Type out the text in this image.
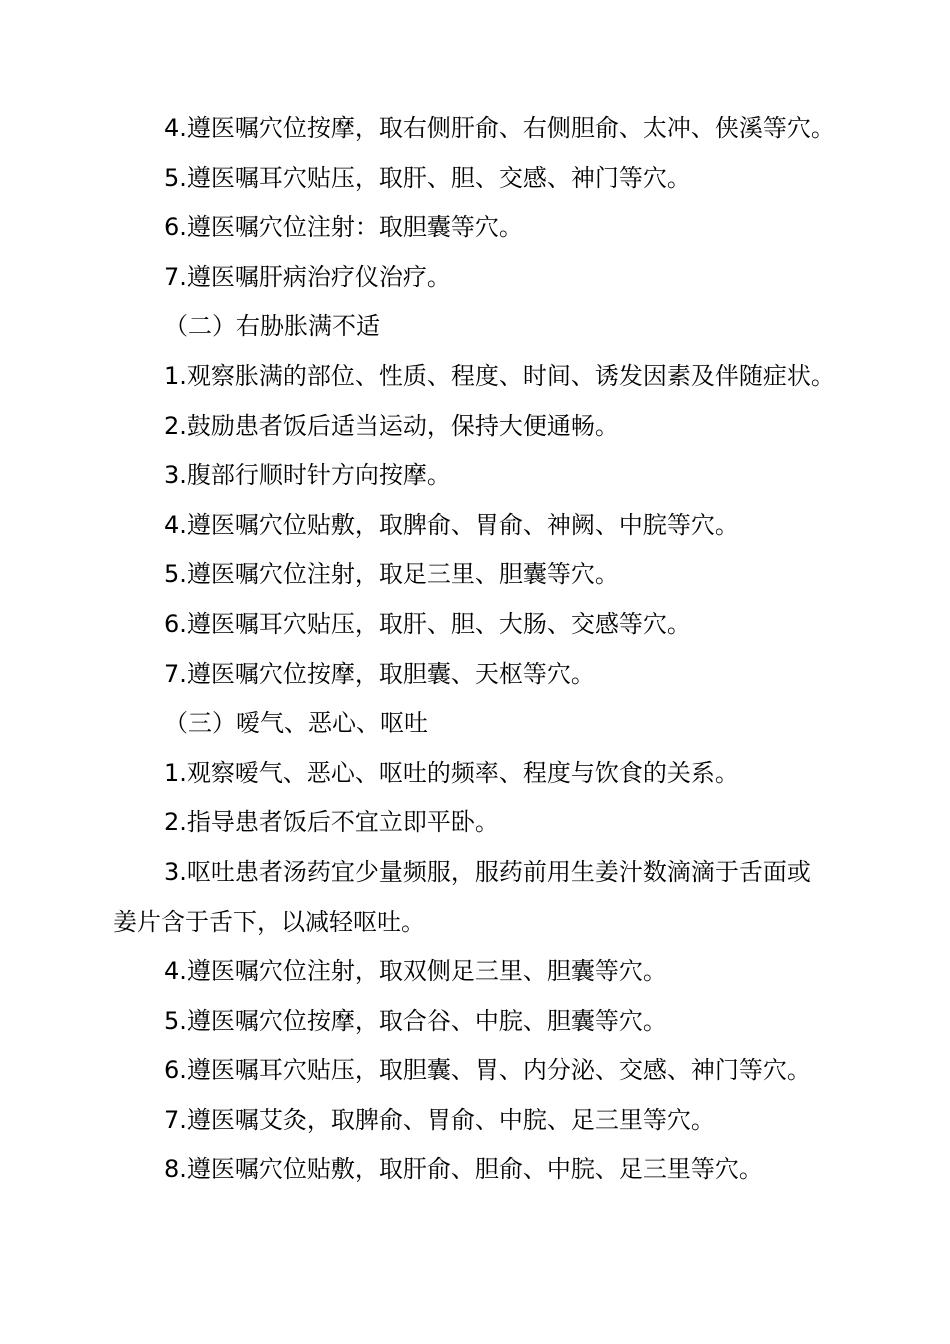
4.遵医嘱穴位按摩，取右侧肝俞、右侧胆俞、太冲、侠溪等穴。
5.遵医嘱耳穴贴压，取肝、胆、交感、神门等穴。
6.遵医嘱穴位注射：取胆囊等穴。
7.遵医嘱肝病治疗仪治疗。
（二）右胁胀满不适
1.观察胀满的部位、性质、程度、时间、诱发因素及伴随症状。
2.鼓励患者饭后适当运动，保持大便通畅。
3.腹部行顺时针方向按摩。
4.遵医嘱穴位贴敷，取脾俞、胃俞、神阙、中脘等穴。
5.遵医嘱穴位注射，取足三里、胆囊等穴。
6.遵医嘱耳穴贴压，取肝、胆、大肠、交感等穴。
7.遵医嘱穴位按摩，取胆囊、天枢等穴。
（三）嗳气、恶心、呕吐
1.观察嗳气、恶心、呕吐的频率、程度与饮食的关系。
2.指导患者饭后不宜立即平卧。
3.呕吐患者汤药宜少量频服，服药前用生姜汁数滴滴于舌面或
姜片含于舌下，以减轻呕吐。
4.遵医嘱穴位注射，取双侧足三里、胆囊等穴。
5.遵医嘱穴位按摩，取合谷、中脘、胆囊等穴。
6.遵医嘱耳穴贴压，取胆囊、胃、内分泌、交感、神门等穴。
7.遵医嘱艾灸，取脾俞、胃俞、中脘、足三里等穴。
8.遵医嘱穴位贴敷，取肝俞、胆俞、中脘、足三里等穴。
